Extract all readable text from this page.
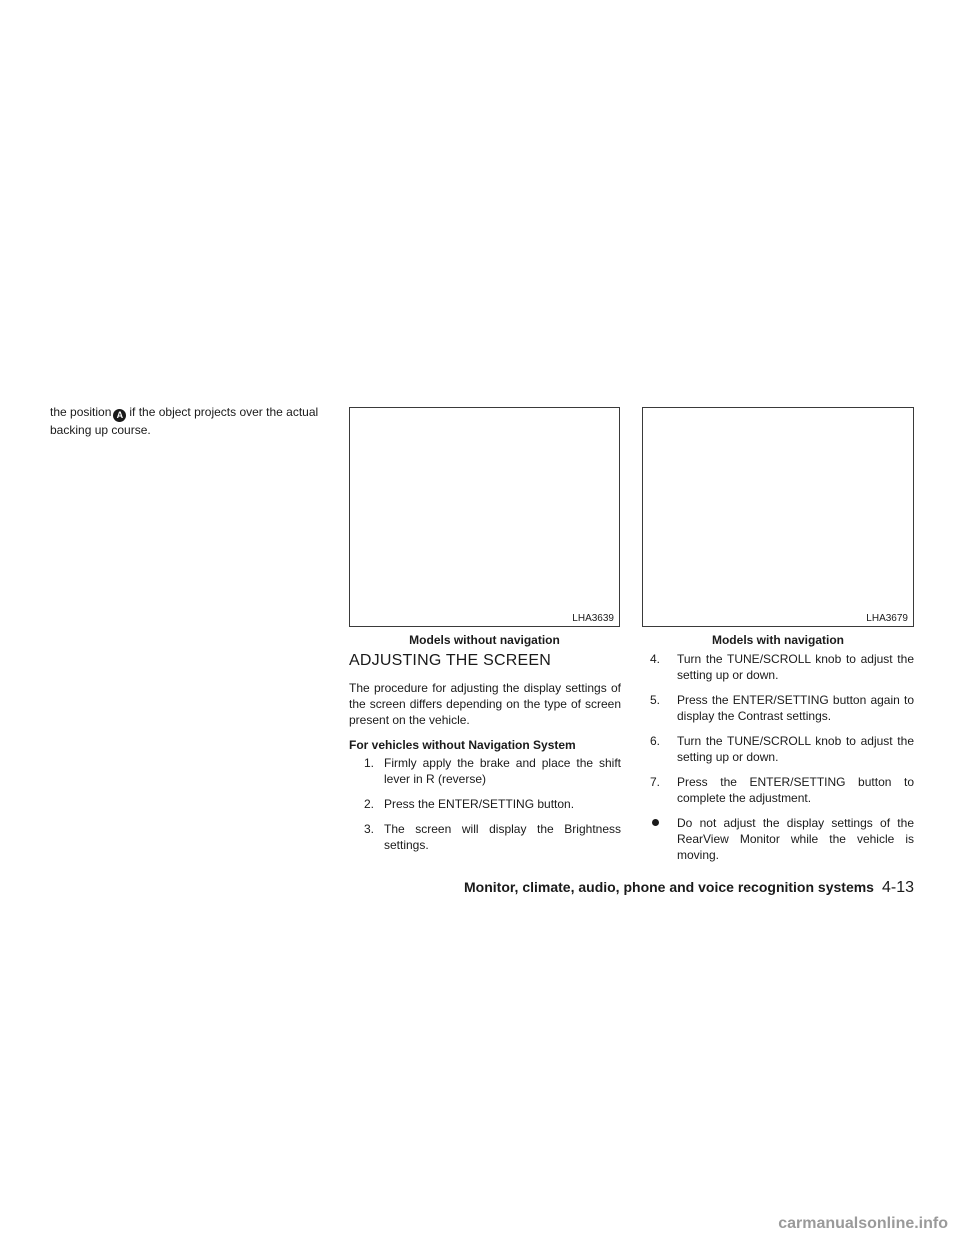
the position A if the object projects over the actual backing up course.
LHA3639
Models without navigation
LHA3679
Models with navigation
ADJUSTING THE SCREEN

The procedure for adjusting the display settings of the screen differs depending on the type of screen present on the vehicle.

For vehicles without Navigation System
1. Firmly apply the brake and place the shift lever in R (reverse)
2. Press the ENTER/SETTING button.
3. The screen will display the Brightness settings.
4. Turn the TUNE/SCROLL knob to adjust the setting up or down.
5. Press the ENTER/SETTING button again to display the Contrast settings.
6. Turn the TUNE/SCROLL knob to adjust the setting up or down.
7. Press the ENTER/SETTING button to complete the adjustment.
Do not adjust the display settings of the RearView Monitor while the vehicle is moving.
Monitor, climate, audio, phone and voice recognition systems 4-13
carmanualsonline.info
